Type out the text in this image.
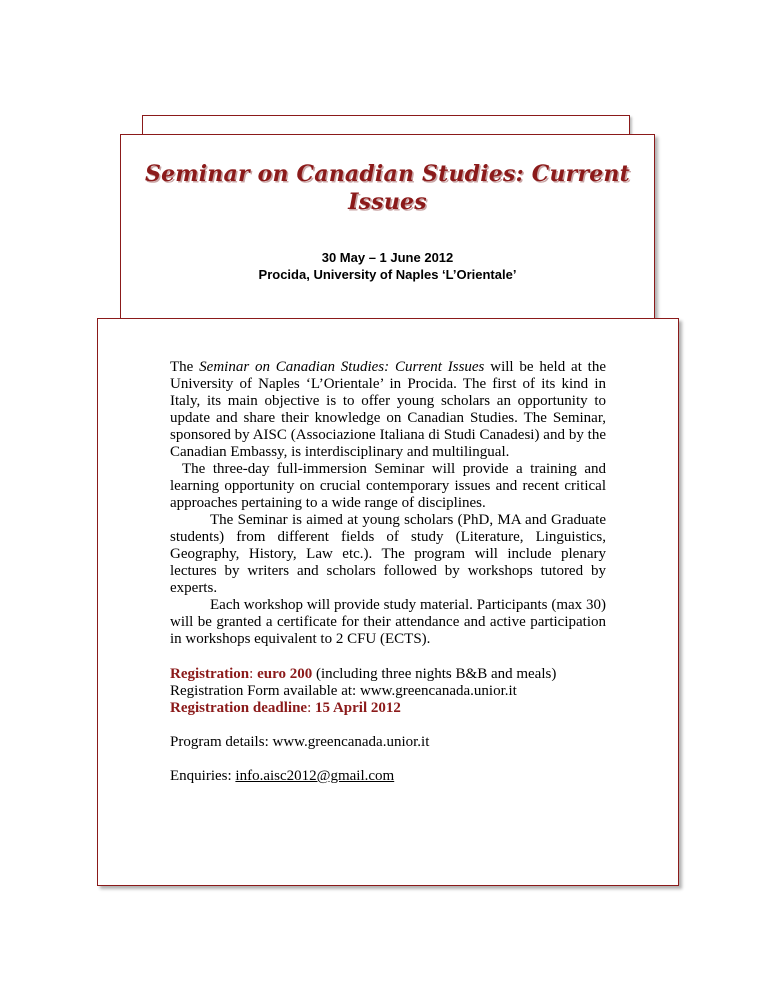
Seminar on Canadian Studies: Current
Issues
30 May – 1 June 2012
Procida, University of Naples ‘L’Orientale’

The Seminar on Canadian Studies: Current Issues will be held at the University of Naples ‘L’Orientale’ in Procida. The first of its kind in Italy, its main objective is to offer young scholars an opportunity to update and share their knowledge on Canadian Studies. The Seminar, sponsored by AISC (Associazione Italiana di Studi Canadesi) and by the Canadian Embassy, is interdisciplinary and multilingual.

The three-day full-immersion Seminar will provide a training and learning opportunity on crucial contemporary issues and recent critical approaches pertaining to a wide range of disciplines.

The Seminar is aimed at young scholars (PhD, MA and Graduate students) from different fields of study (Literature, Linguistics, Geography, History, Law etc.). The program will include plenary lectures by writers and scholars followed by workshops tutored by experts.

Each workshop will provide study material. Participants (max 30) will be granted a certificate for their attendance and active participation in workshops equivalent to 2 CFU (ECTS).

Registration: euro 200 (including three nights B&B and meals)
Registration Form available at: www.greencanada.unior.it
Registration deadline: 15 April 2012
Program details: www.greencanada.unior.it
Enquiries: info.aisc2012@gmail.com
